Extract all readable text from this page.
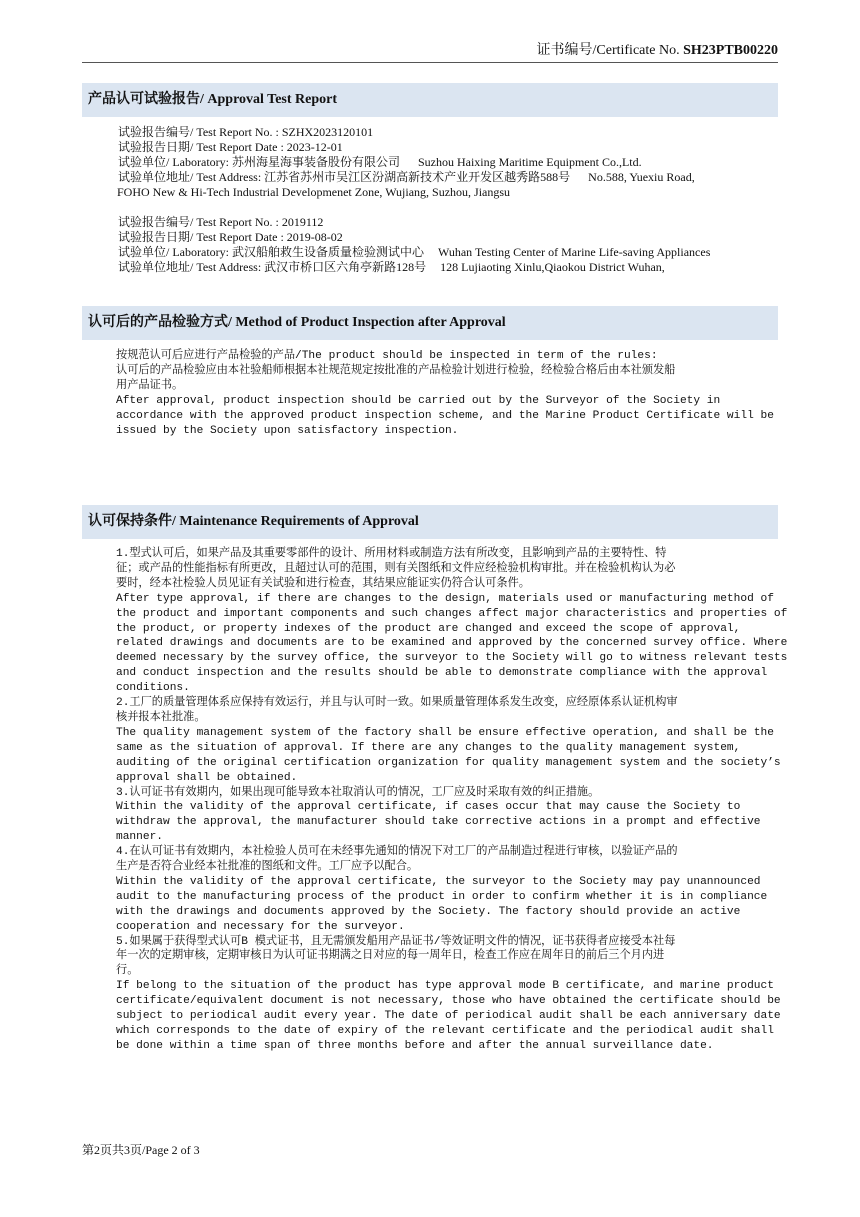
证书编号/Certificate No. SH23PTB00220
产品认可试验报告/ Approval Test Report
试验报告编号/ Test Report No. : SZHX2023120101
试验报告日期/ Test Report Date : 2023-12-01
试验单位/ Laboratory: 苏州海星海事装备股份有限公司 Suzhou Haixing Maritime Equipment Co.,Ltd.
试验单位地址/ Test Address: 江苏省苏州市吴江区汾湖高新技术产业开发区越秀路588号 No.588, Yuexiu Road,
FOHO New & Hi-Tech Industrial Developmenet Zone, Wujiang, Suzhou, Jiangsu
试验报告编号/ Test Report No. : 2019112
试验报告日期/ Test Report Date : 2019-08-02
试验单位/ Laboratory: 武汉船舶救生设备质量检验测试中心 Wuhan Testing Center of Marine Life-saving Appliances
试验单位地址/ Test Address: 武汉市桥口区六角亭新路128号 128 Lujiaoting Xinlu,Qiaokou District Wuhan,
认可后的产品检验方式/ Method of Product Inspection after Approval
按规范认可后应进行产品检验的产品/The product should be inspected in term of the rules:
认可后的产品检验应由本社验船师根据本社规范规定按批准的产品检验计划进行检验，经检验合格后由本社颁发船
用产品证书。
After approval, product inspection should be carried out by the Surveyor of the Society in
accordance with the approved product inspection scheme, and the Marine Product Certificate will be
issued by the Society upon satisfactory inspection.
认可保持条件/ Maintenance Requirements of Approval
1.型式认可后，如果产品及其重要零部件的设计、所用材料或制造方法有所改变，且影响到产品的主要特性、特
征；或产品的性能指标有所更改，且超过认可的范围，则有关图纸和文件应经检验机构审批。并在检验机构认为必
要时，经本社检验人员见证有关试验和进行检查，其结果应能证实仍符合认可条件。
After type approval, if there are changes to the design, materials used or manufacturing method of
the product and important components and such changes affect major characteristics and properties of
the product, or property indexes of the product are changed and exceed the scope of approval,
related drawings and documents are to be examined and approved by the concerned survey office. Where
deemed necessary by the survey office, the surveyor to the Society will go to witness relevant tests
and conduct inspection and the results should be able to demonstrate compliance with the approval
conditions.
2.工厂的质量管理体系应保持有效运行，并且与认可时一致。如果质量管理体系发生改变，应经原体系认证机构审
核并报本社批准。
The quality management system of the factory shall be ensure effective operation, and shall be the
same as the situation of approval. If there are any changes to the quality management system,
auditing of the original certification organization for quality management system and the society’s
approval shall be obtained.
3.认可证书有效期内，如果出现可能导致本社取消认可的情况，工厂应及时采取有效的纠正措施。
Within the validity of the approval certificate, if cases occur that may cause the Society to
withdraw the approval, the manufacturer should take corrective actions in a prompt and effective
manner.
4.在认可证书有效期内，本社检验人员可在未经事先通知的情况下对工厂的产品制造过程进行审核，以验证产品的
生产是否符合业经本社批准的图纸和文件。工厂应予以配合。
Within the validity of the approval certificate, the surveyor to the Society may pay unannounced
audit to the manufacturing process of the product in order to confirm whether it is in compliance
with the drawings and documents approved by the Society. The factory should provide an active
cooperation and necessary for the surveyor.
5.如果属于获得型式认可B 模式证书，且无需颁发船用产品证书/等效证明文件的情况，证书获得者应接受本社每
年一次的定期审核，定期审核日为认可证书期满之日对应的每一周年日，检查工作应在周年日的前后三个月内进
行。
If belong to the situation of the product has type approval mode B certificate, and marine product
certificate/equivalent document is not necessary, those who have obtained the certificate should be
subject to periodical audit every year. The date of periodical audit shall be each anniversary date
which corresponds to the date of expiry of the relevant certificate and the periodical audit shall
be done within a time span of three months before and after the annual surveillance date.
第2页共3页/Page 2 of 3
